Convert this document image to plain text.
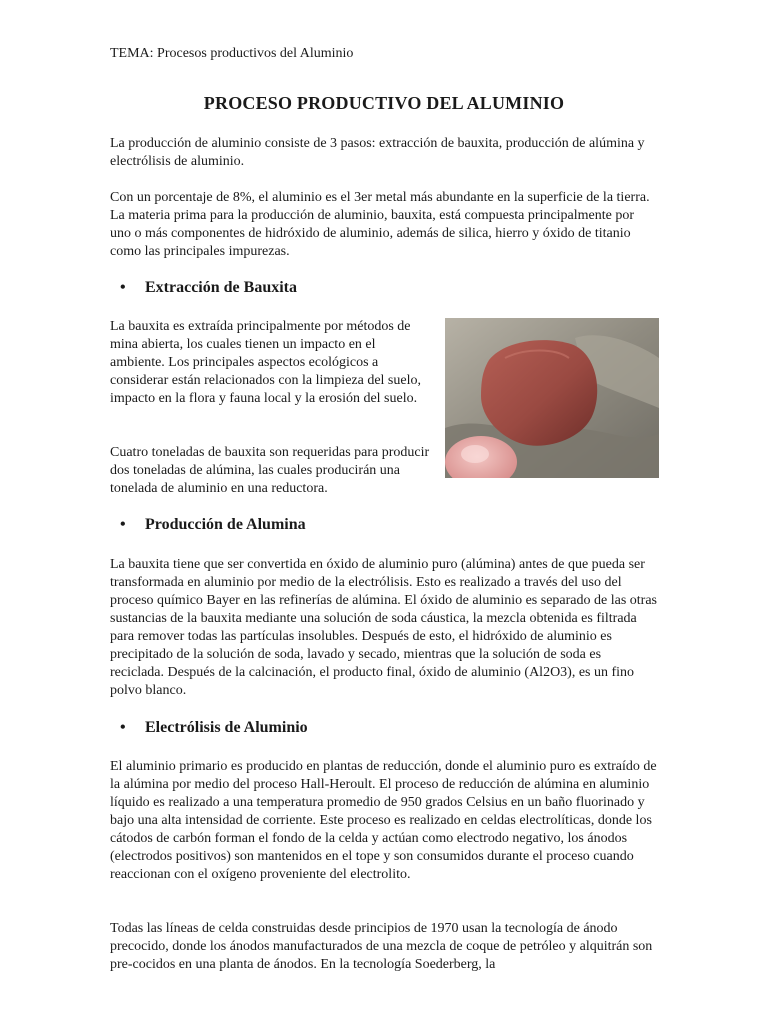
TEMA: Procesos productivos del Aluminio
PROCESO PRODUCTIVO DEL ALUMINIO

La producción de aluminio consiste de 3 pasos: extracción de bauxita, producción de alúmina y electrólisis de aluminio.

Con un porcentaje de 8%, el aluminio es el 3er metal más abundante en la superficie de la tierra. La materia prima para la producción de aluminio, bauxita, está compuesta principalmente por uno o más componentes de hidróxido de aluminio, además de silica, hierro y óxido de titanio como las principales impurezas.

• Extracción de Bauxita

La bauxita es extraída principalmente por métodos de mina abierta, los cuales tienen un impacto en el ambiente. Los principales aspectos ecológicos a considerar están relacionados con la limpieza del suelo, impacto en la flora y fauna local y la erosión del suelo.

Cuatro toneladas de bauxita son requeridas para producir dos toneladas de alúmina, las cuales producirán una tonelada de aluminio en una reductora.

• Producción de Alumina

La bauxita tiene que ser convertida en óxido de aluminio puro (alúmina) antes de que pueda ser transformada en aluminio por medio de la electrólisis. Esto es realizado a través del uso del proceso químico Bayer en las refinerías de alúmina. El óxido de aluminio es separado de las otras sustancias de la bauxita mediante una solución de soda cáustica, la mezcla obtenida es filtrada para remover todas las partículas insolubles. Después de esto, el hidróxido de aluminio es precipitado de la solución de soda, lavado y secado, mientras que la solución de soda es reciclada. Después de la calcinación, el producto final, óxido de aluminio (Al2O3), es un fino polvo blanco.

• Electrólisis de Aluminio

El aluminio primario es producido en plantas de reducción, donde el aluminio puro es extraído de la alúmina por medio del proceso Hall-Heroult. El proceso de reducción de alúmina en aluminio líquido es realizado a una temperatura promedio de 950 grados Celsius en un baño fluorinado y bajo una alta intensidad de corriente. Este proceso es realizado en celdas electrolíticas, donde los cátodos de carbón forman el fondo de la celda y actúan como electrodo negativo, los ánodos (electrodos positivos) son mantenidos en el tope y son consumidos durante el proceso cuando reaccionan con el oxígeno proveniente del electrolito.

Todas las líneas de celda construidas desde principios de 1970 usan la tecnología de ánodo precocido, donde los ánodos manufacturados de una mezcla de coque de petróleo y alquitrán son pre-cocidos en una planta de ánodos. En la tecnología Soederberg, la
